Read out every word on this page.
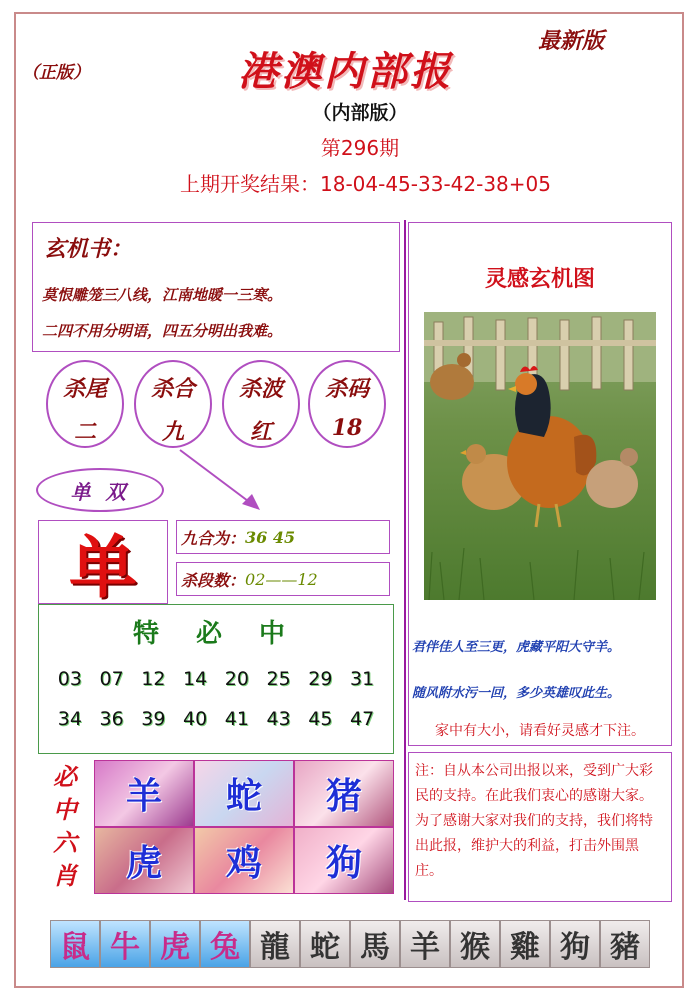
（正版）	港澳内部报
最新版
（内部版）
第296期
上期开奖结果：18-04-45-33-42-38+05
玄机书：
莫恨雕笼三八线，江南地暖一三寒。
二四不用分明语，四五分明出我难。
杀尾
二
杀合
九
杀波
红
杀码
18
单 双
单	九合为： 36 45
杀段数： 02——12
特 必 中
03 07 12 14 20 25 29 31
34 36 39 40 41 43 45 47
必中六肖
羊 蛇 猪
虎 鸡 狗
灵感玄机图
君伴佳人至三更，虎藏平阳大守羊。
随风附水污一回，多少英雄叹此生。
家中有大小，请看好灵感才下注。
注：自从本公司出报以来，受到广大彩民的支持。在此我们衷心的感谢大家。为了感谢大家对我们的支持，我们将特出此报，维护大的利益，打击外围黑庄。
鼠 牛 虎 兔 龍 蛇 馬 羊 猴 雞 狗 豬
